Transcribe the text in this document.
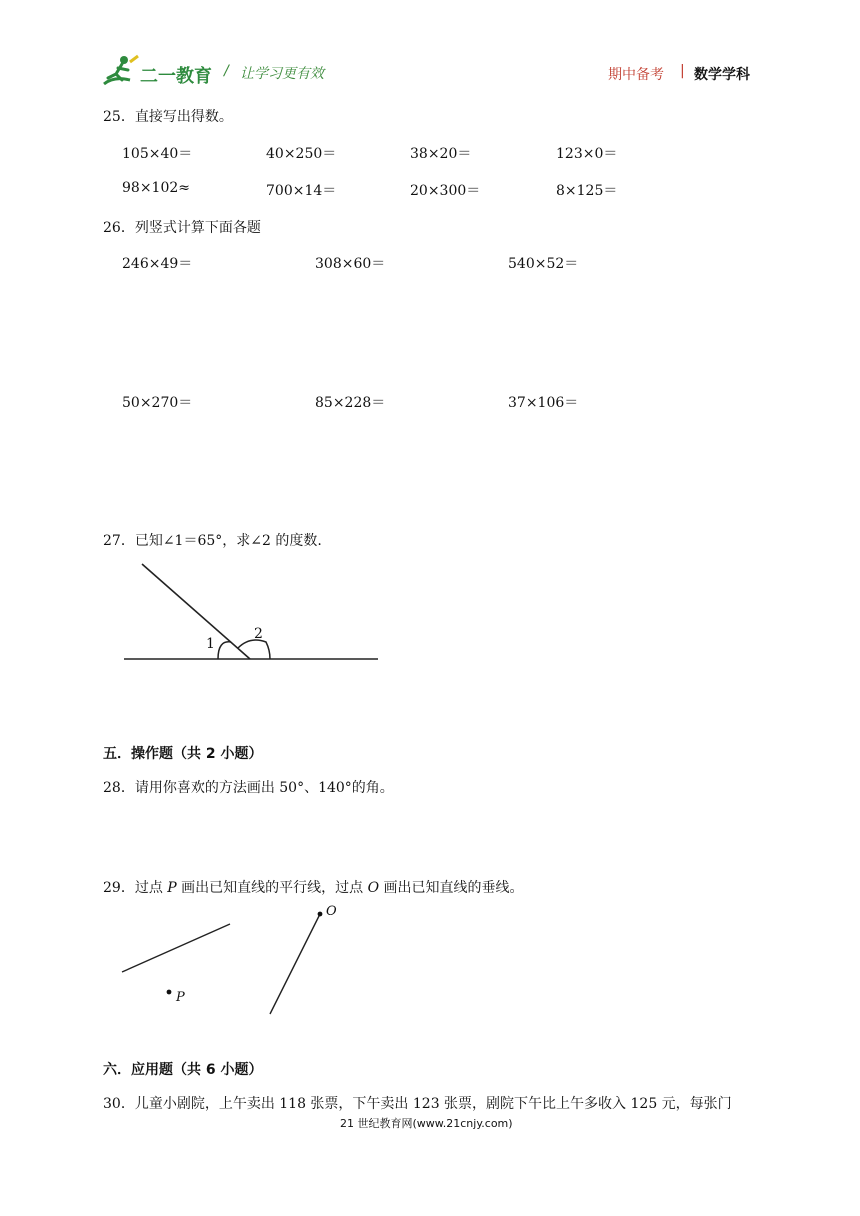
二一教育 / 让学习更有效	期中备考 | 数学学科
25．直接写出得数。
105×40＝	40×250＝	38×20＝	123×0＝
98×102≈	700×14＝	20×300＝	8×125＝
26．列竖式计算下面各题
246×49＝	308×60＝	540×52＝
50×270＝	85×228＝	37×106＝
27．已知∠1＝65°，求∠2 的度数.
1
2
五．操作题（共 2 小题）
28．请用你喜欢的方法画出 50°、140°的角。
29．过点 P 画出已知直线的平行线，过点 O 画出已知直线的垂线。
P
O
六．应用题（共 6 小题）
30．儿童小剧院，上午卖出 118 张票，下午卖出 123 张票，剧院下午比上午多收入 125 元，每张门
21 世纪教育网(www.21cnjy.com)
